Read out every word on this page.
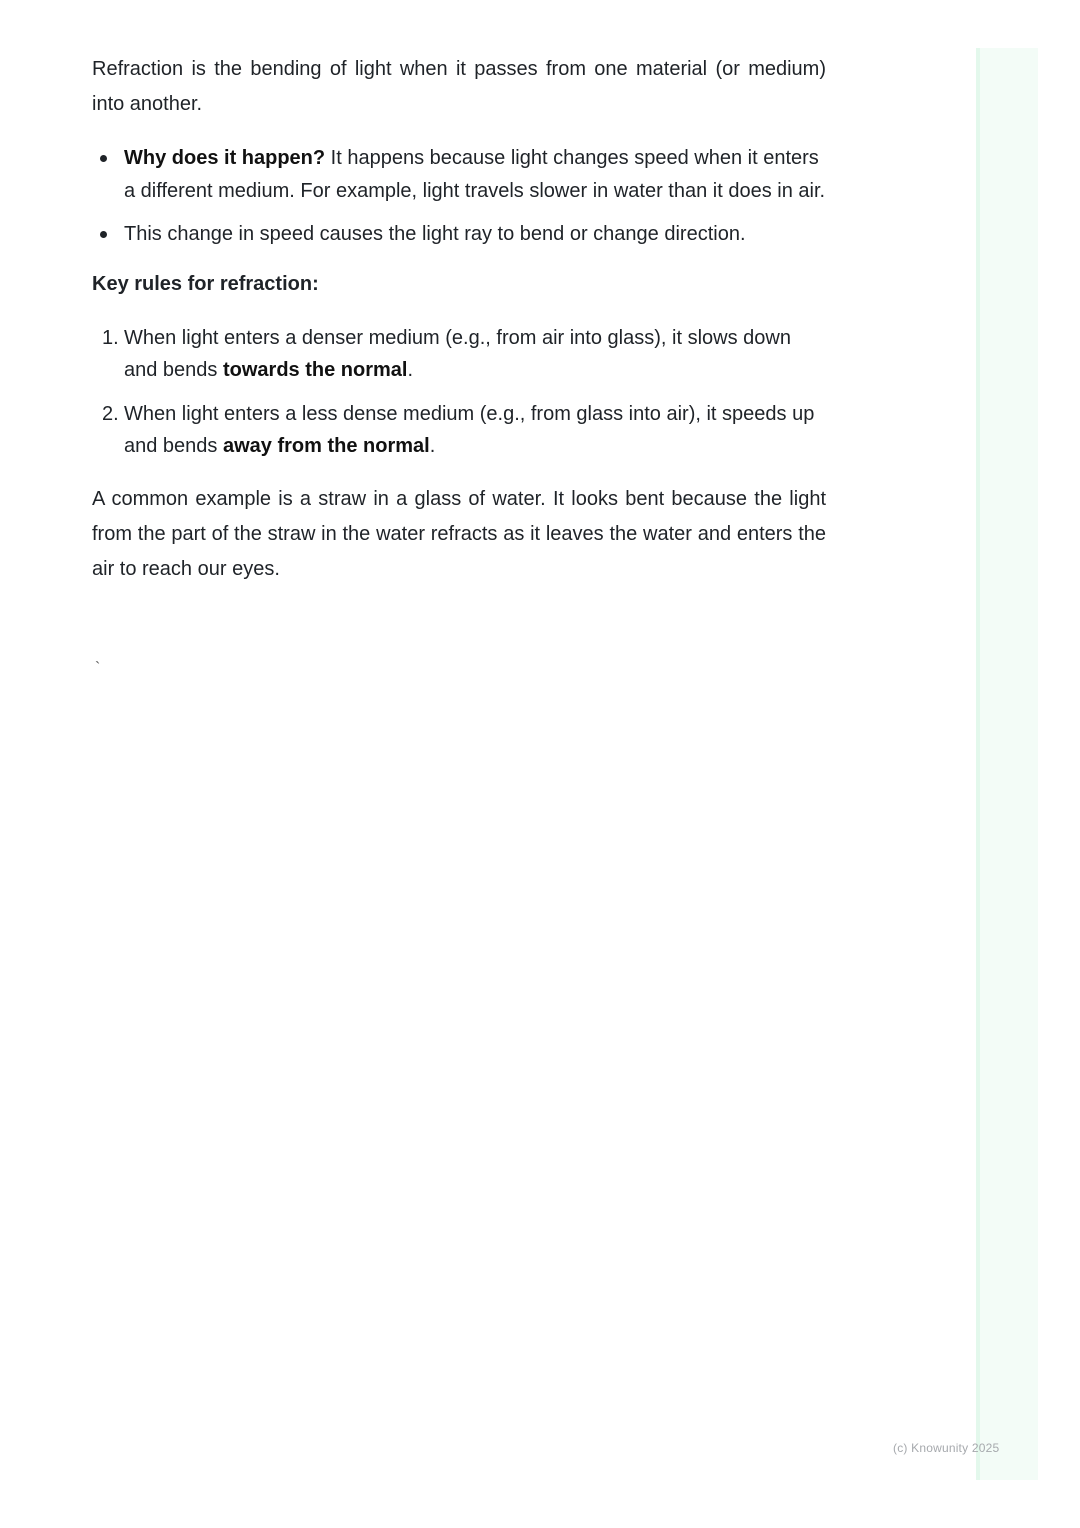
Refraction is the bending of light when it passes from one material (or medium) into another.

Why does it happen? It happens because light changes speed when it enters a different medium. For example, light travels slower in water than it does in air.
This change in speed causes the light ray to bend or change direction.

Key rules for refraction:

1. When light enters a denser medium (e.g., from air into glass), it slows down and bends towards the normal.
2. When light enters a less dense medium (e.g., from glass into air), it speeds up and bends away from the normal.

A common example is a straw in a glass of water. It looks bent because the light from the part of the straw in the water refracts as it leaves the water and enters the air to reach our eyes.

`
(c) Knowunity 2025
